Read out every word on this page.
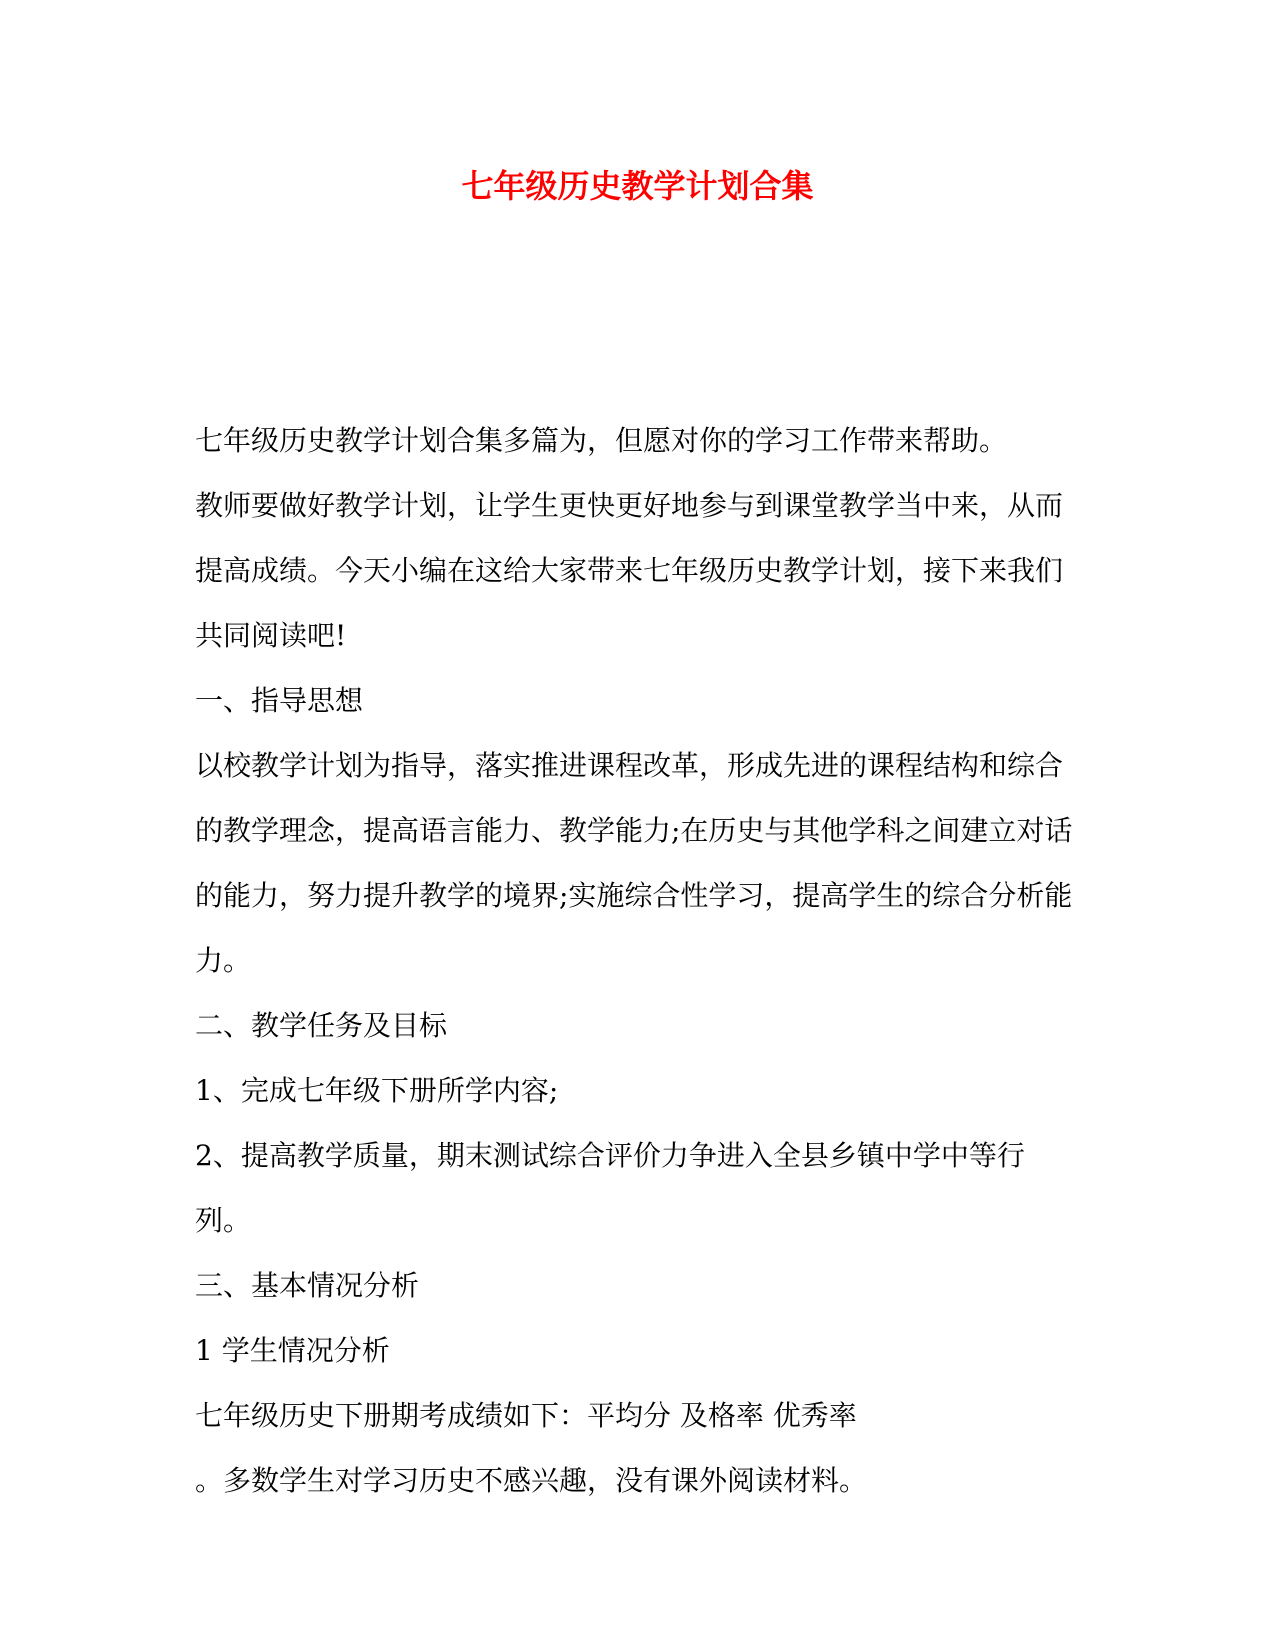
七年级历史教学计划合集

七年级历史教学计划合集多篇为，但愿对你的学习工作带来帮助。

教师要做好教学计划，让学生更快更好地参与到课堂教学当中来，从而提高成绩。今天小编在这给大家带来七年级历史教学计划，接下来我们共同阅读吧!

一、指导思想

以校教学计划为指导，落实推进课程改革，形成先进的课程结构和综合的教学理念，提高语言能力、教学能力;在历史与其他学科之间建立对话的能力，努力提升教学的境界;实施综合性学习，提高学生的综合分析能力。

二、教学任务及目标

1、完成七年级下册所学内容;

2、提高教学质量，期末测试综合评价力争进入全县乡镇中学中等行列。

三、基本情况分析

1 学生情况分析

七年级历史下册期考成绩如下：平均分 及格率 优秀率

。多数学生对学习历史不感兴趣，没有课外阅读材料。
